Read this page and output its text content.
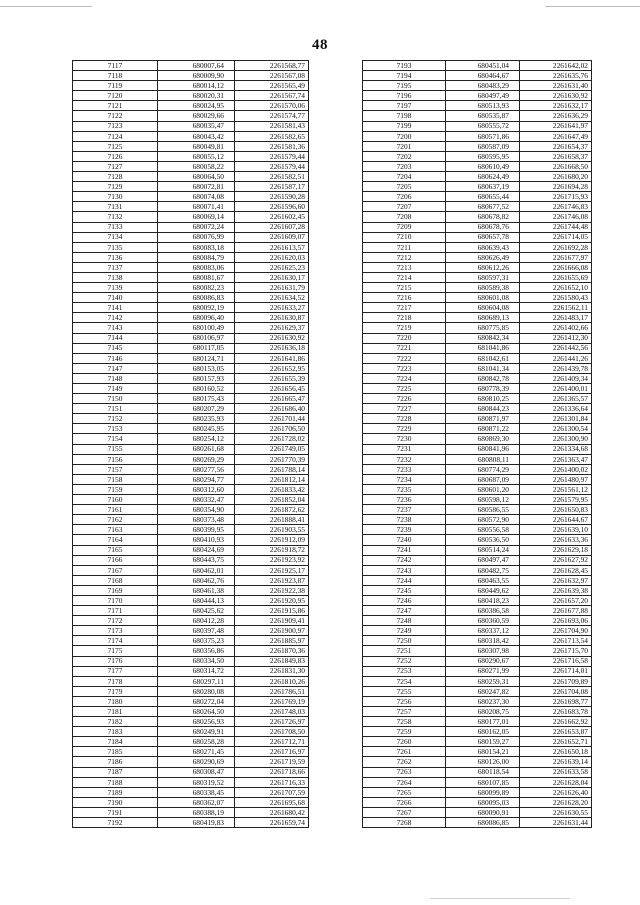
48
7117	680007,64	2261568,77
7118	680009,90	2261567,08
7119	680014,12	2261565,49
7120	680020,31	2261567,74
7121	680024,95	2261570,06
7122	680029,66	2261574,77
7123	680035,47	2261581,43
7124	680043,42	2261582,65
7125	680049,81	2261581,36
7126	680055,12	2261579,44
7127	680058,22	2261579,44
7128	680064,50	2261582,51
7129	680072,81	2261587,17
7130	680074,08	2261590,28
7131	680071,41	2261596,60
7132	680069,14	2261602,45
7133	680072,24	2261607,28
7134	680076,99	2261609,07
7135	680083,18	2261613,57
7136	680084,79	2261620,03
7137	680083,06	2261625,23
7138	680081,67	2261630,17
7139	680082,23	2261631,79
7140	680086,83	2261634,52
7141	680092,19	2261633,27
7142	680096,40	2261630,87
7143	680100,49	2261629,37
7144	680106,97	2261630,92
7145	680117,05	2261636,18
7146	680124,71	2261641,86
7147	680153,05	2261652,95
7148	680157,93	2261655,39
7149	680160,52	2261656,45
7150	680175,43	2261665,47
7151	680207,29	2261686,40
7152	680235,93	2261701,44
7153	680245,95	2261706,50
7154	680254,12	2261728,02
7155	680261,68	2261749,05
7156	680269,29	2261770,39
7157	680277,56	2261788,14
7158	680294,77	2261812,14
7159	680312,60	2261833,42
7160	680332,47	2261852,04
7161	680354,90	2261872,62
7162	680373,48	2261888,41
7163	680399,95	2261903,55
7164	680410,93	2261912,09
7165	680424,69	2261918,72
7166	680443,75	2261923,92
7167	680462,01	2261925,17
7168	680462,76	2261923,87
7169	680461,38	2261922,38
7170	680444,13	2261920,95
7171	680425,62	2261915,86
7172	680412,28	2261909,41
7173	680397,48	2261900,97
7174	680375,23	2261885,97
7175	680356,86	2261870,36
7176	680334,50	2261849,83
7177	680314,72	2261831,30
7178	680297,11	2261810,26
7179	680280,08	2261786,51
7180	680272,04	2261769,19
7181	680264,50	2261748,03
7182	680256,93	2261726,97
7183	680249,91	2261708,50
7184	680258,28	2261712,71
7185	680271,45	2261716,97
7186	680290,69	2261719,59
7187	680308,47	2261718,66
7188	680319,52	2261716,33
7189	680338,45	2261707,59
7190	680362,07	2261695,68
7191	680388,19	2261680,42
7192	680419,83	2261659,74
7193	680451,04	2261642,02
7194	680464,67	2261635,76
7195	680483,29	2261631,40
7196	680497,49	2261630,92
7197	680513,93	2261632,17
7198	680535,87	2261636,29
7199	680555,72	2261641,97
7200	680571,86	2261647,49
7201	680587,09	2261654,37
7202	680595,95	2261658,37
7203	680610,49	2261668,50
7204	680624,49	2261680,20
7205	680637,19	2261694,28
7206	680655,44	2261715,93
7207	680677,52	2261746,83
7208	680678,82	2261746,08
7209	680678,76	2261744,48
7210	680657,78	2261714,05
7211	680639,43	2261692,28
7212	680626,49	2261677,97
7213	680612,26	2261666,08
7214	680597,31	2261655,69
7215	680589,38	2261652,10
7216	680601,08	2261580,43
7217	680604,08	2261562,11
7218	680689,13	2261483,17
7219	680775,85	2261402,66
7220	680842,34	2261412,30
7221	681041,86	2261442,56
7222	681042,61	2261441,26
7223	681041,34	2261439,78
7224	680842,78	2261409,34
7225	680778,39	2261400,01
7226	680810,25	2261365,57
7227	680844,23	2261336,64
7228	680871,97	2261301,84
7229	680871,22	2261300,54
7230	680869,30	2261300,90
7231	680841,96	2261334,68
7232	680808,11	2261363,47
7233	680774,29	2261400,02
7234	680687,09	2261480,97
7235	680601,20	2261561,12
7236	680598,12	2261579,95
7237	680586,55	2261650,83
7238	680572,90	2261644,67
7239	680556,58	2261639,10
7240	680536,50	2261633,36
7241	680514,24	2261629,18
7242	680497,47	2261627,92
7243	680482,75	2261628,45
7244	680463,55	2261632,97
7245	680449,62	2261639,38
7246	680418,23	2261657,20
7247	680386,58	2261677,88
7248	680360,59	2261693,06
7249	680337,12	2261704,90
7250	680318,42	2261713,54
7251	680307,98	2261715,70
7252	680290,67	2261716,58
7253	680271,99	2261714,01
7254	680259,31	2261709,89
7255	680247,82	2261704,08
7256	680237,30	2261698,77
7257	680208,75	2261683,78
7258	680177,01	2261662,92
7259	680162,05	2261653,87
7260	680159,27	2261652,71
7261	680154,21	2261650,18
7262	680126,00	2261639,14
7263	680118,54	2261633,58
7264	680107,85	2261628,04
7265	680099,89	2261626,40
7266	680095,03	2261628,20
7267	680090,91	2261630,55
7268	680086,85	2261631,44
